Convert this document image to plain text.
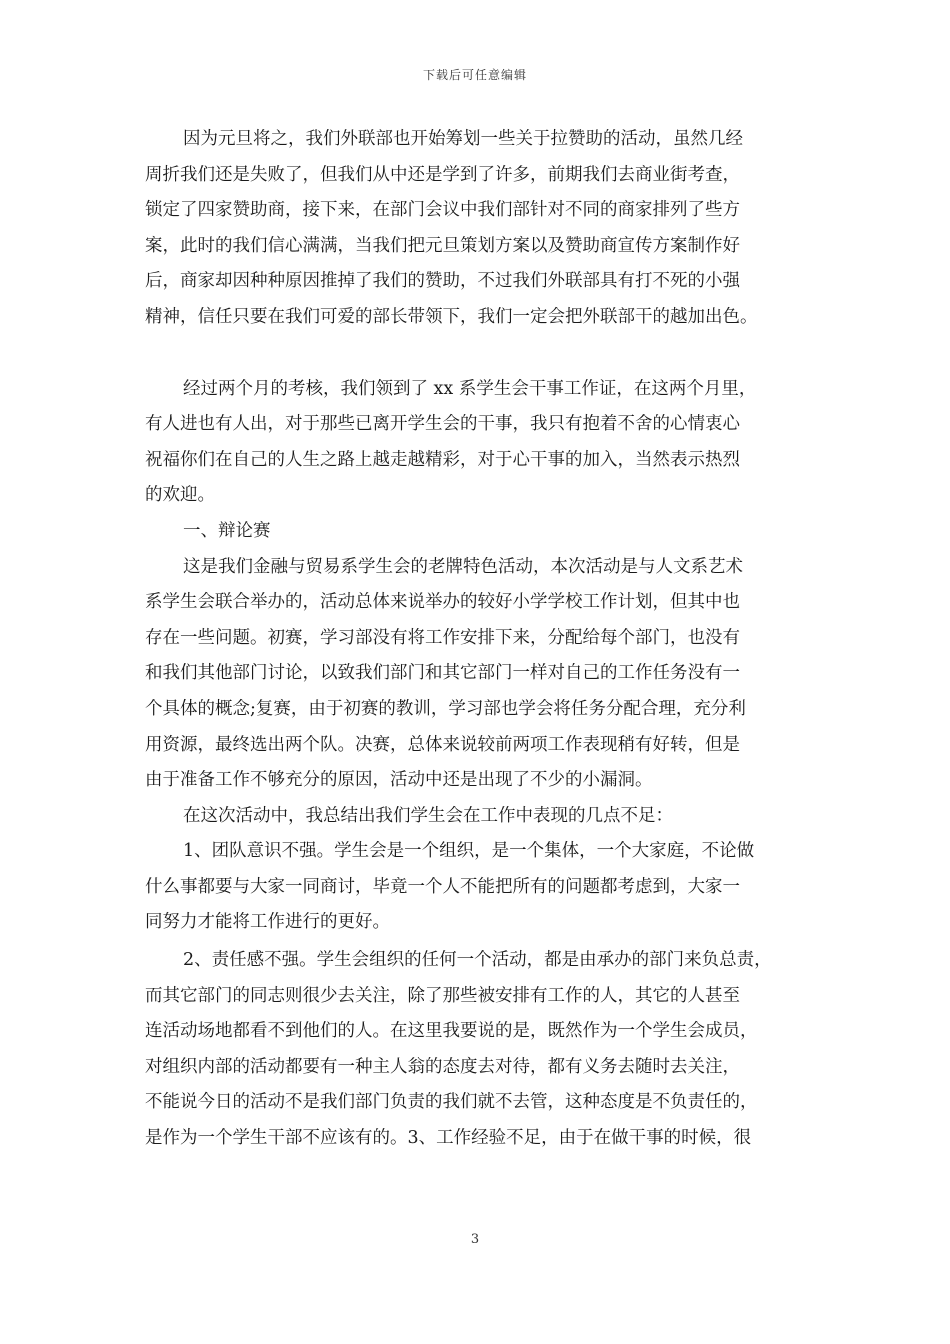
下载后可任意编辑
因为元旦将之，我们外联部也开始筹划一些关于拉赞助的活动，虽然几经
周折我们还是失败了，但我们从中还是学到了许多，前期我们去商业街考查，
锁定了四家赞助商，接下来，在部门会议中我们部针对不同的商家排列了些方
案，此时的我们信心满满，当我们把元旦策划方案以及赞助商宣传方案制作好
后，商家却因种种原因推掉了我们的赞助，不过我们外联部具有打不死的小强
精神，信任只要在我们可爱的部长带领下，我们一定会把外联部干的越加出色。
经过两个月的考核，我们领到了 xx 系学生会干事工作证，在这两个月里，
有人进也有人出，对于那些已离开学生会的干事，我只有抱着不舍的心情衷心
祝福你们在自己的人生之路上越走越精彩，对于心干事的加入，当然表示热烈
的欢迎。
一、辩论赛
这是我们金融与贸易系学生会的老牌特色活动，本次活动是与人文系艺术
系学生会联合举办的，活动总体来说举办的较好小学学校工作计划，但其中也
存在一些问题。初赛，学习部没有将工作安排下来，分配给每个部门，也没有
和我们其他部门讨论，以致我们部门和其它部门一样对自己的工作任务没有一
个具体的概念;复赛，由于初赛的教训，学习部也学会将任务分配合理，充分利
用资源，最终选出两个队。决赛，总体来说较前两项工作表现稍有好转，但是
由于准备工作不够充分的原因，活动中还是出现了不少的小漏洞。
在这次活动中，我总结出我们学生会在工作中表现的几点不足：
1、团队意识不强。学生会是一个组织，是一个集体，一个大家庭，不论做
什么事都要与大家一同商讨，毕竟一个人不能把所有的问题都考虑到，大家一
同努力才能将工作进行的更好。
2、责任感不强。学生会组织的任何一个活动，都是由承办的部门来负总责，
而其它部门的同志则很少去关注，除了那些被安排有工作的人，其它的人甚至
连活动场地都看不到他们的人。在这里我要说的是，既然作为一个学生会成员，
对组织内部的活动都要有一种主人翁的态度去对待，都有义务去随时去关注，
不能说今日的活动不是我们部门负责的我们就不去管，这种态度是不负责任的，
是作为一个学生干部不应该有的。3、工作经验不足，由于在做干事的时候，很
3
